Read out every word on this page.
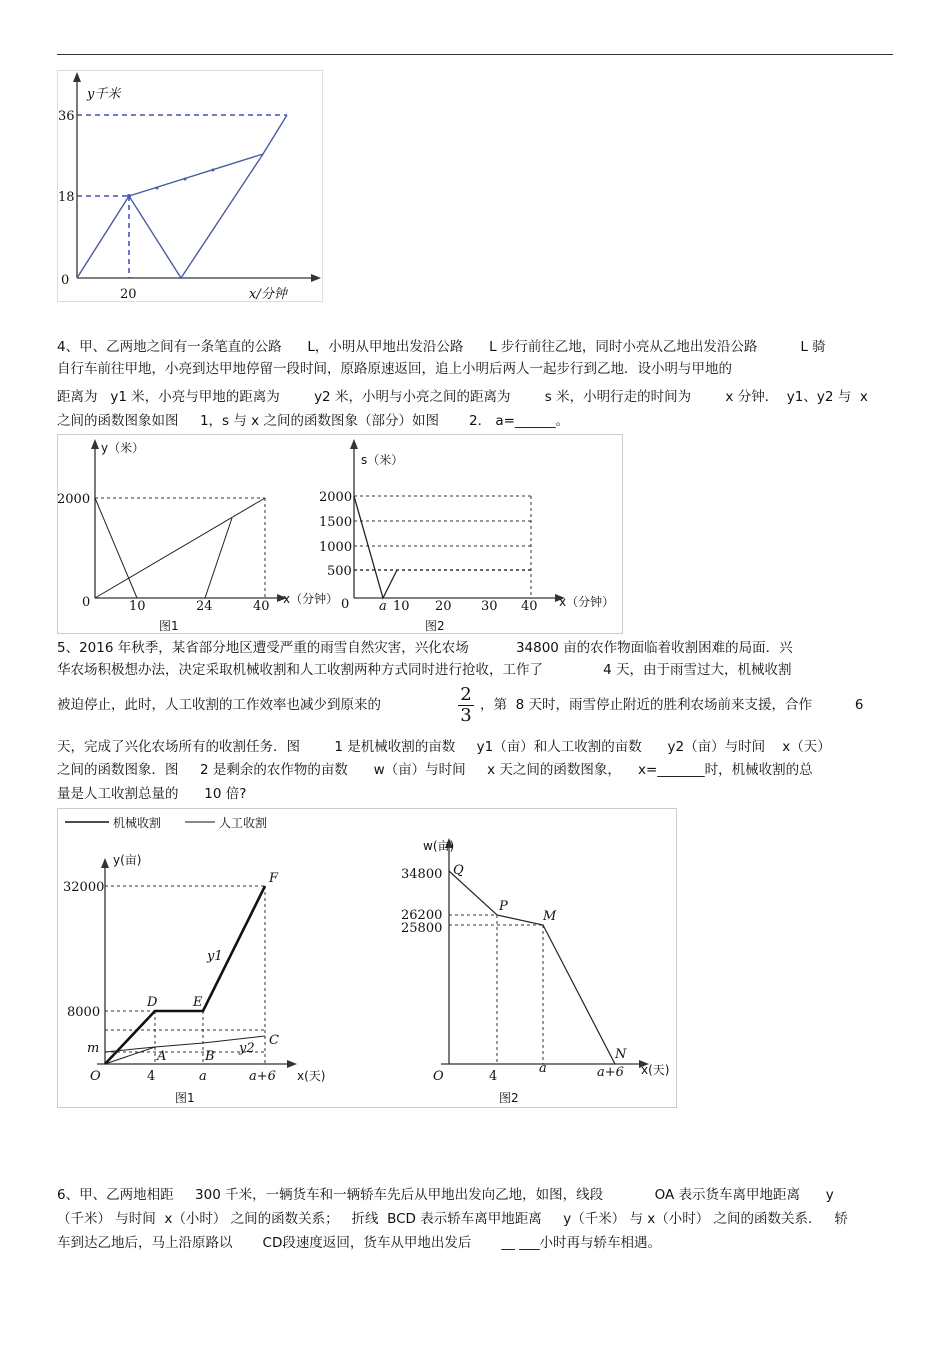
y千米
x/分钟
36
18
0
20
4、甲、乙两地之间有一条笔直的公路      L，小明从甲地出发沿公路      L 步行前往乙地，同时小亮从乙地出发沿公路          L 骑
自行车前往甲地，小亮到达甲地停留一段时间，原路原速返回，追上小明后两人一起步行到乙地．设小明与甲地的
距离为   y1 米，小亮与甲地的距离为        y2 米，小明与小亮之间的距离为        s 米，小明行走的时间为        x 分钟．  y1、y2 与  x
之间的函数图象如图     1，s 与 x 之间的函数图象（部分）如图       2． a=______。
y（米）
2000
0	10	24	40 x（分钟）
图1
s（米）
2000
1500
1000
500
0 a 10 20 30 40 x（分钟）
图2
5、2016 年秋季，某省部分地区遭受严重的雨雪自然灾害，兴化农场           34800 亩的农作物面临着收割困难的局面．兴
华农场积极想办法，决定采取机械收割和人工收割两种方式同时进行抢收，工作了              4 天，由于雨雪过大，机械收割
被迫停止，此时，人工收割的工作效率也减少到原来的	2
3 ，第  8 天时，雨雪停止附近的胜利农场前来支援，合作          6
天，完成了兴化农场所有的收割任务．图        1 是机械收割的亩数     y1（亩）和人工收割的亩数      y2（亩）与时间    x（天）
之间的函数图象．图     2 是剩余的农作物的亩数      w（亩）与时间     x 天之间的函数图象，    x=_______时，机械收割的总
量是人工收割总量的      10 倍?
机械收割	人工收割
y(亩)
32000
8000
m
O	4	a	a+6 x(天)
D	E
F
A	B
C
y1
y2
图1
w(亩)
34800
26200
25800
O	4
a	a+6 x(天)
Q
P
M
N
图2
6、甲、乙两地相距     300 千米，一辆货车和一辆轿车先后从甲地出发向乙地，如图，线段            OA 表示货车离甲地距离      y
（千米） 与时间  x（小时） 之间的函数关系；   折线  BCD 表示轿车离甲地距离     y（千米） 与 x（小时） 之间的函数关系．   轿
车到达乙地后，马上沿原路以       CD段速度返回，货车从甲地出发后       __ ___小时再与轿车相遇。
